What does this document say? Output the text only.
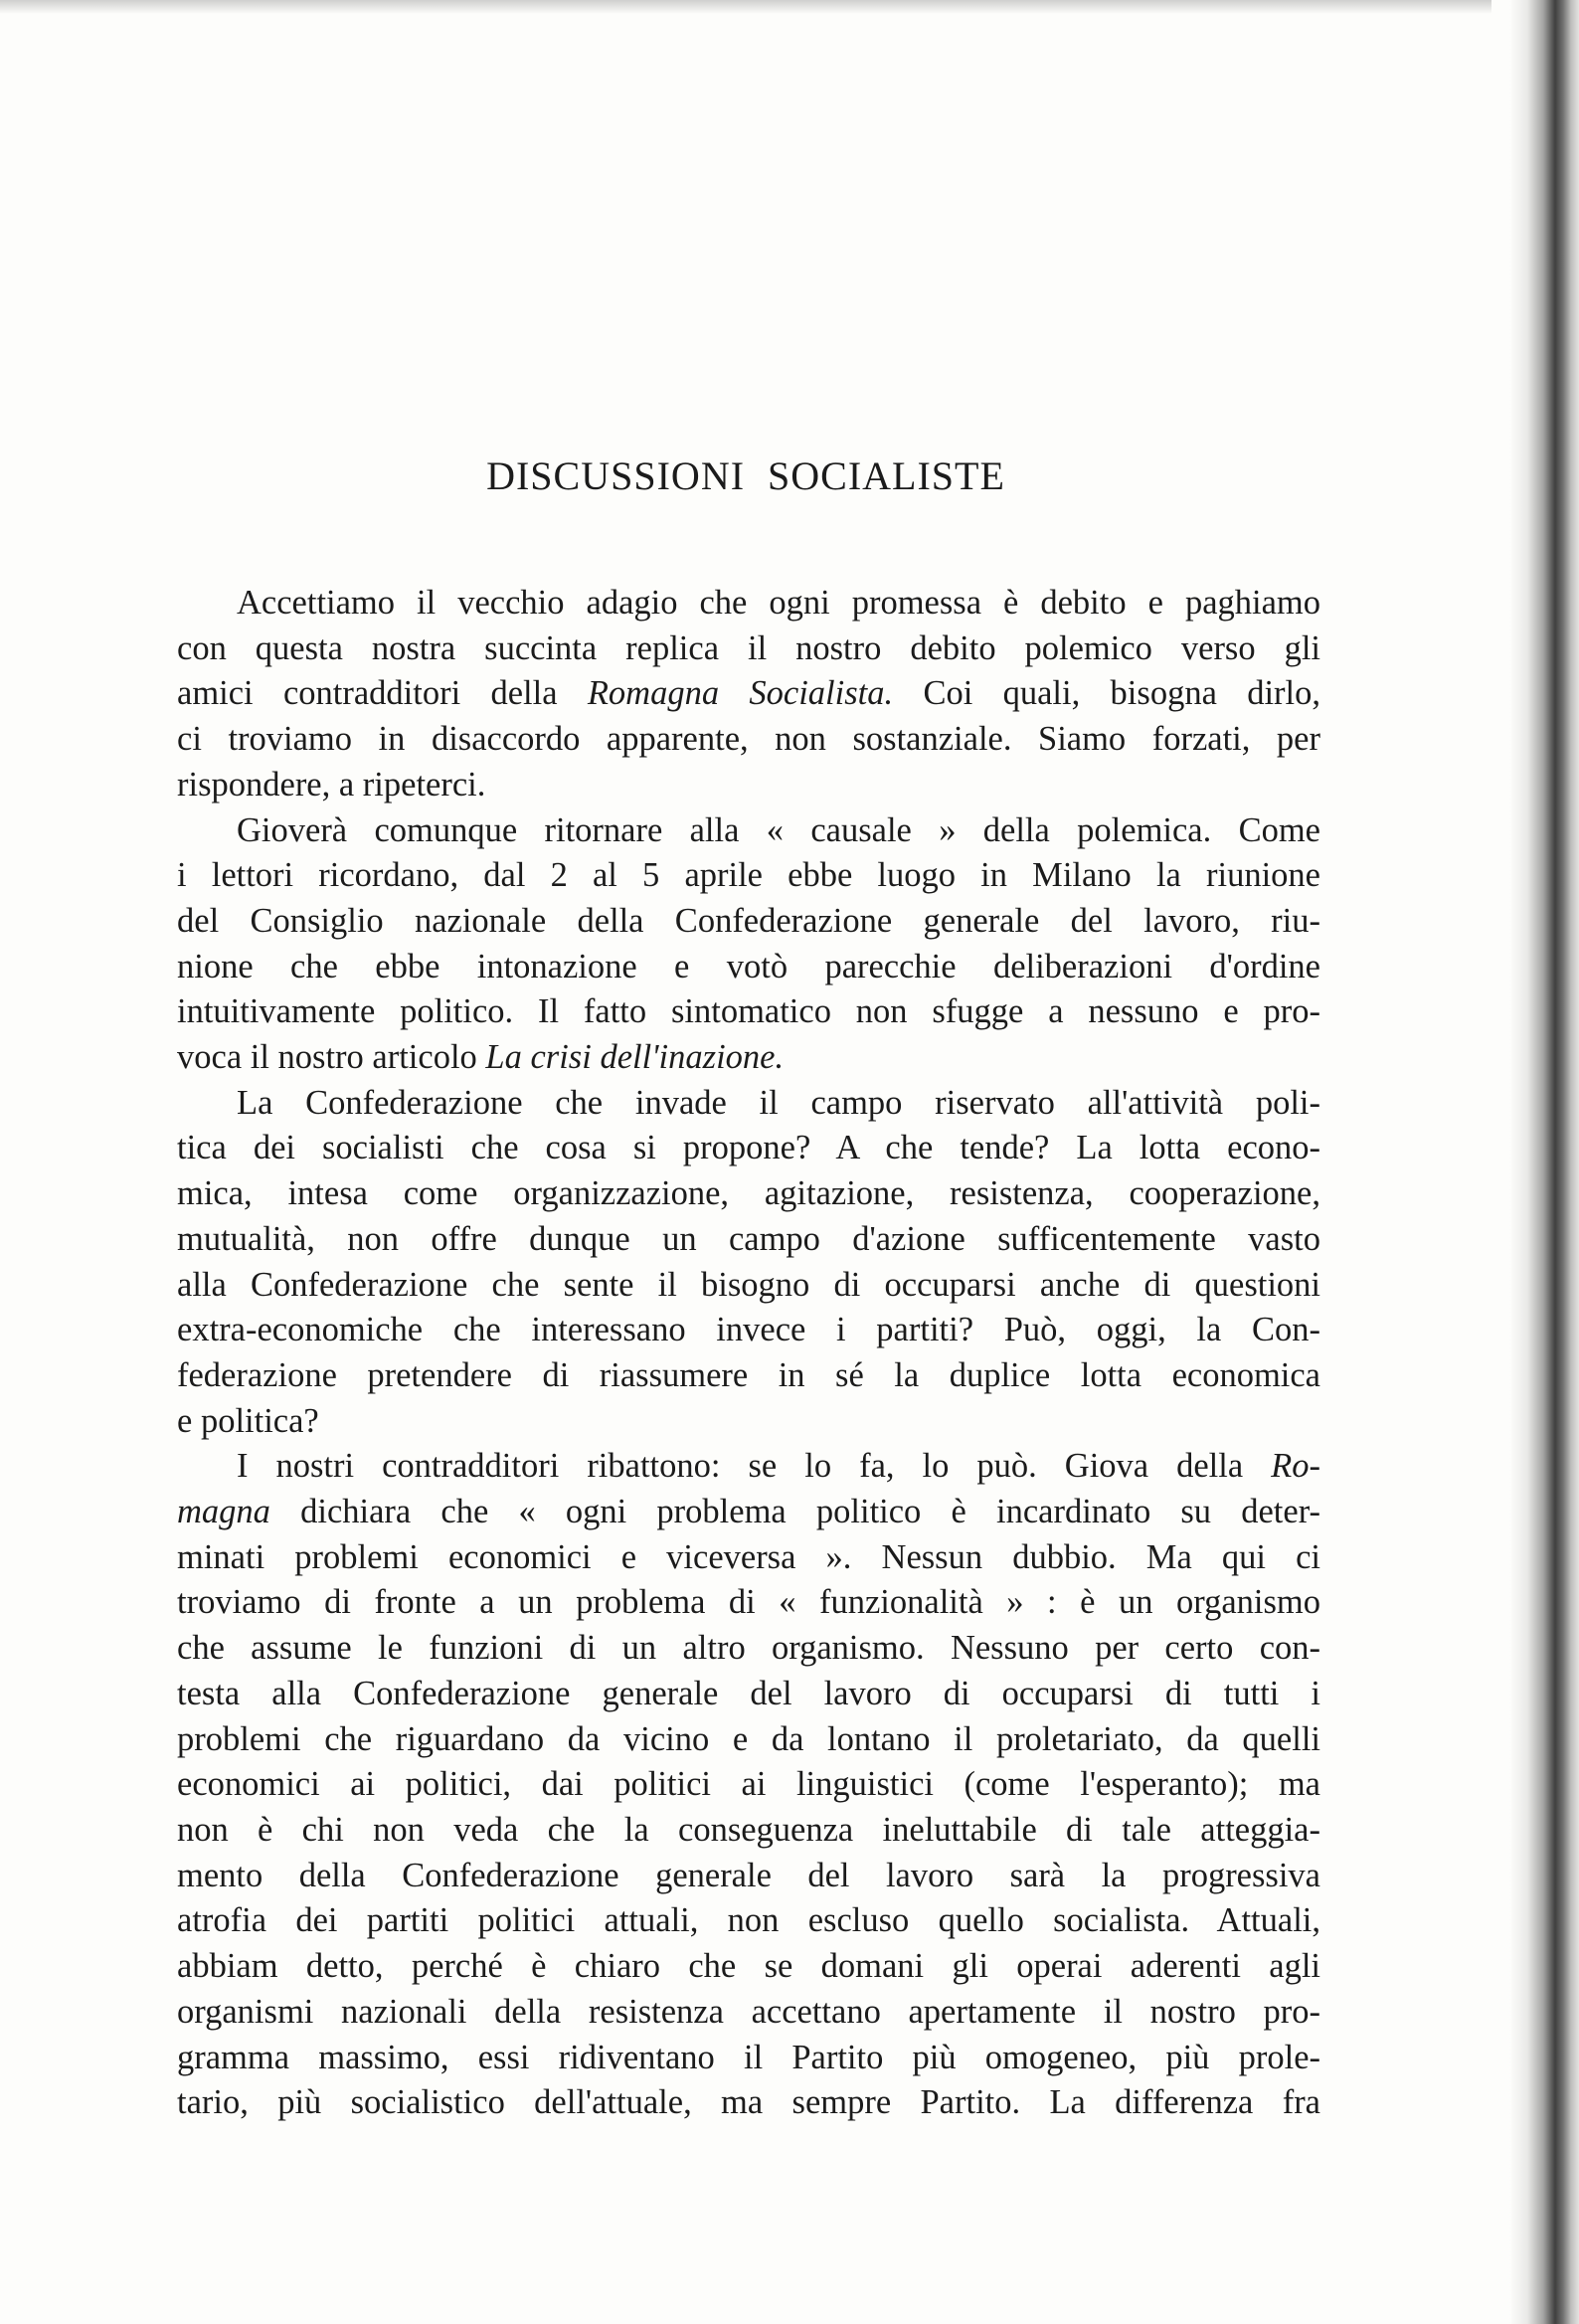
DISCUSSIONI SOCIALISTE
Accettiamo il vecchio adagio che ogni promessa è debito e paghiamo
con questa nostra succinta replica il nostro debito polemico verso gli
amici contradditori della Romagna Socialista. Coi quali, bisogna dirlo,
ci troviamo in disaccordo apparente, non sostanziale. Siamo forzati, per
rispondere, a ripeterci.
Gioverà comunque ritornare alla « causale » della polemica. Come
i lettori ricordano, dal 2 al 5 aprile ebbe luogo in Milano la riunione
del Consiglio nazionale della Confederazione generale del lavoro, riu-
nione che ebbe intonazione e votò parecchie deliberazioni d'ordine
intuitivamente politico. Il fatto sintomatico non sfugge a nessuno e pro-
voca il nostro articolo La crisi dell'inazione.
La Confederazione che invade il campo riservato all'attività poli-
tica dei socialisti che cosa si propone? A che tende? La lotta econo-
mica, intesa come organizzazione, agitazione, resistenza, cooperazione,
mutualità, non offre dunque un campo d'azione sufficentemente vasto
alla Confederazione che sente il bisogno di occuparsi anche di questioni
extra-economiche che interessano invece i partiti? Può, oggi, la Con-
federazione pretendere di riassumere in sé la duplice lotta economica
e politica?
I nostri contradditori ribattono: se lo fa, lo può. Giova della Ro-
magna dichiara che « ogni problema politico è incardinato su deter-
minati problemi economici e viceversa ». Nessun dubbio. Ma qui ci
troviamo di fronte a un problema di « funzionalità » : è un organismo
che assume le funzioni di un altro organismo. Nessuno per certo con-
testa alla Confederazione generale del lavoro di occuparsi di tutti i
problemi che riguardano da vicino e da lontano il proletariato, da quelli
economici ai politici, dai politici ai linguistici (come l'esperanto); ma
non è chi non veda che la conseguenza ineluttabile di tale atteggia-
mento della Confederazione generale del lavoro sarà la progressiva
atrofia dei partiti politici attuali, non escluso quello socialista. Attuali,
abbiam detto, perché è chiaro che se domani gli operai aderenti agli
organismi nazionali della resistenza accettano apertamente il nostro pro-
gramma massimo, essi ridiventano il Partito più omogeneo, più prole-
tario, più socialistico dell'attuale, ma sempre Partito. La differenza fra
